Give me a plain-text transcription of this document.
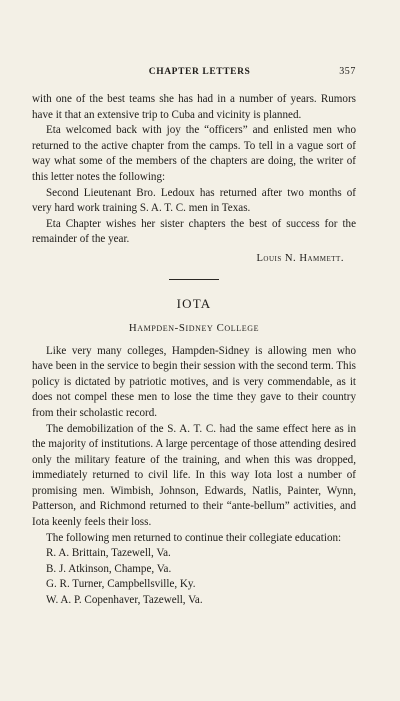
CHAPTER LETTERS	357

with one of the best teams she has had in a number of years. Rumors have it that an extensive trip to Cuba and vicinity is planned.

Eta welcomed back with joy the “officers” and enlisted men who returned to the active chapter from the camps. To tell in a vague sort of way what some of the members of the chapters are doing, the writer of this letter notes the following:

Second Lieutenant Bro. Ledoux has returned after two months of very hard work training S. A. T. C. men in Texas.

Eta Chapter wishes her sister chapters the best of success for the remainder of the year.

Louis N. Hammett.
IOTA
Hampden-Sidney College

Like very many colleges, Hampden-Sidney is allowing men who have been in the service to begin their session with the second term. This policy is dictated by patriotic motives, and is very commendable, as it does not compel these men to lose the time they gave to their country from their scholastic record.

The demobilization of the S. A. T. C. had the same effect here as in the majority of institutions. A large percentage of those attending desired only the military feature of the training, and when this was dropped, immediately returned to civil life. In this way Iota lost a number of promising men. Wimbish, Johnson, Edwards, Natlis, Painter, Wynn, Patterson, and Richmond returned to their “ante-bellum” activities, and Iota keenly feels their loss.

The following men returned to continue their collegiate education:

R. A. Brittain, Tazewell, Va.
B. J. Atkinson, Champe, Va.
G. R. Turner, Campbellsville, Ky.
W. A. P. Copenhaver, Tazewell, Va.
